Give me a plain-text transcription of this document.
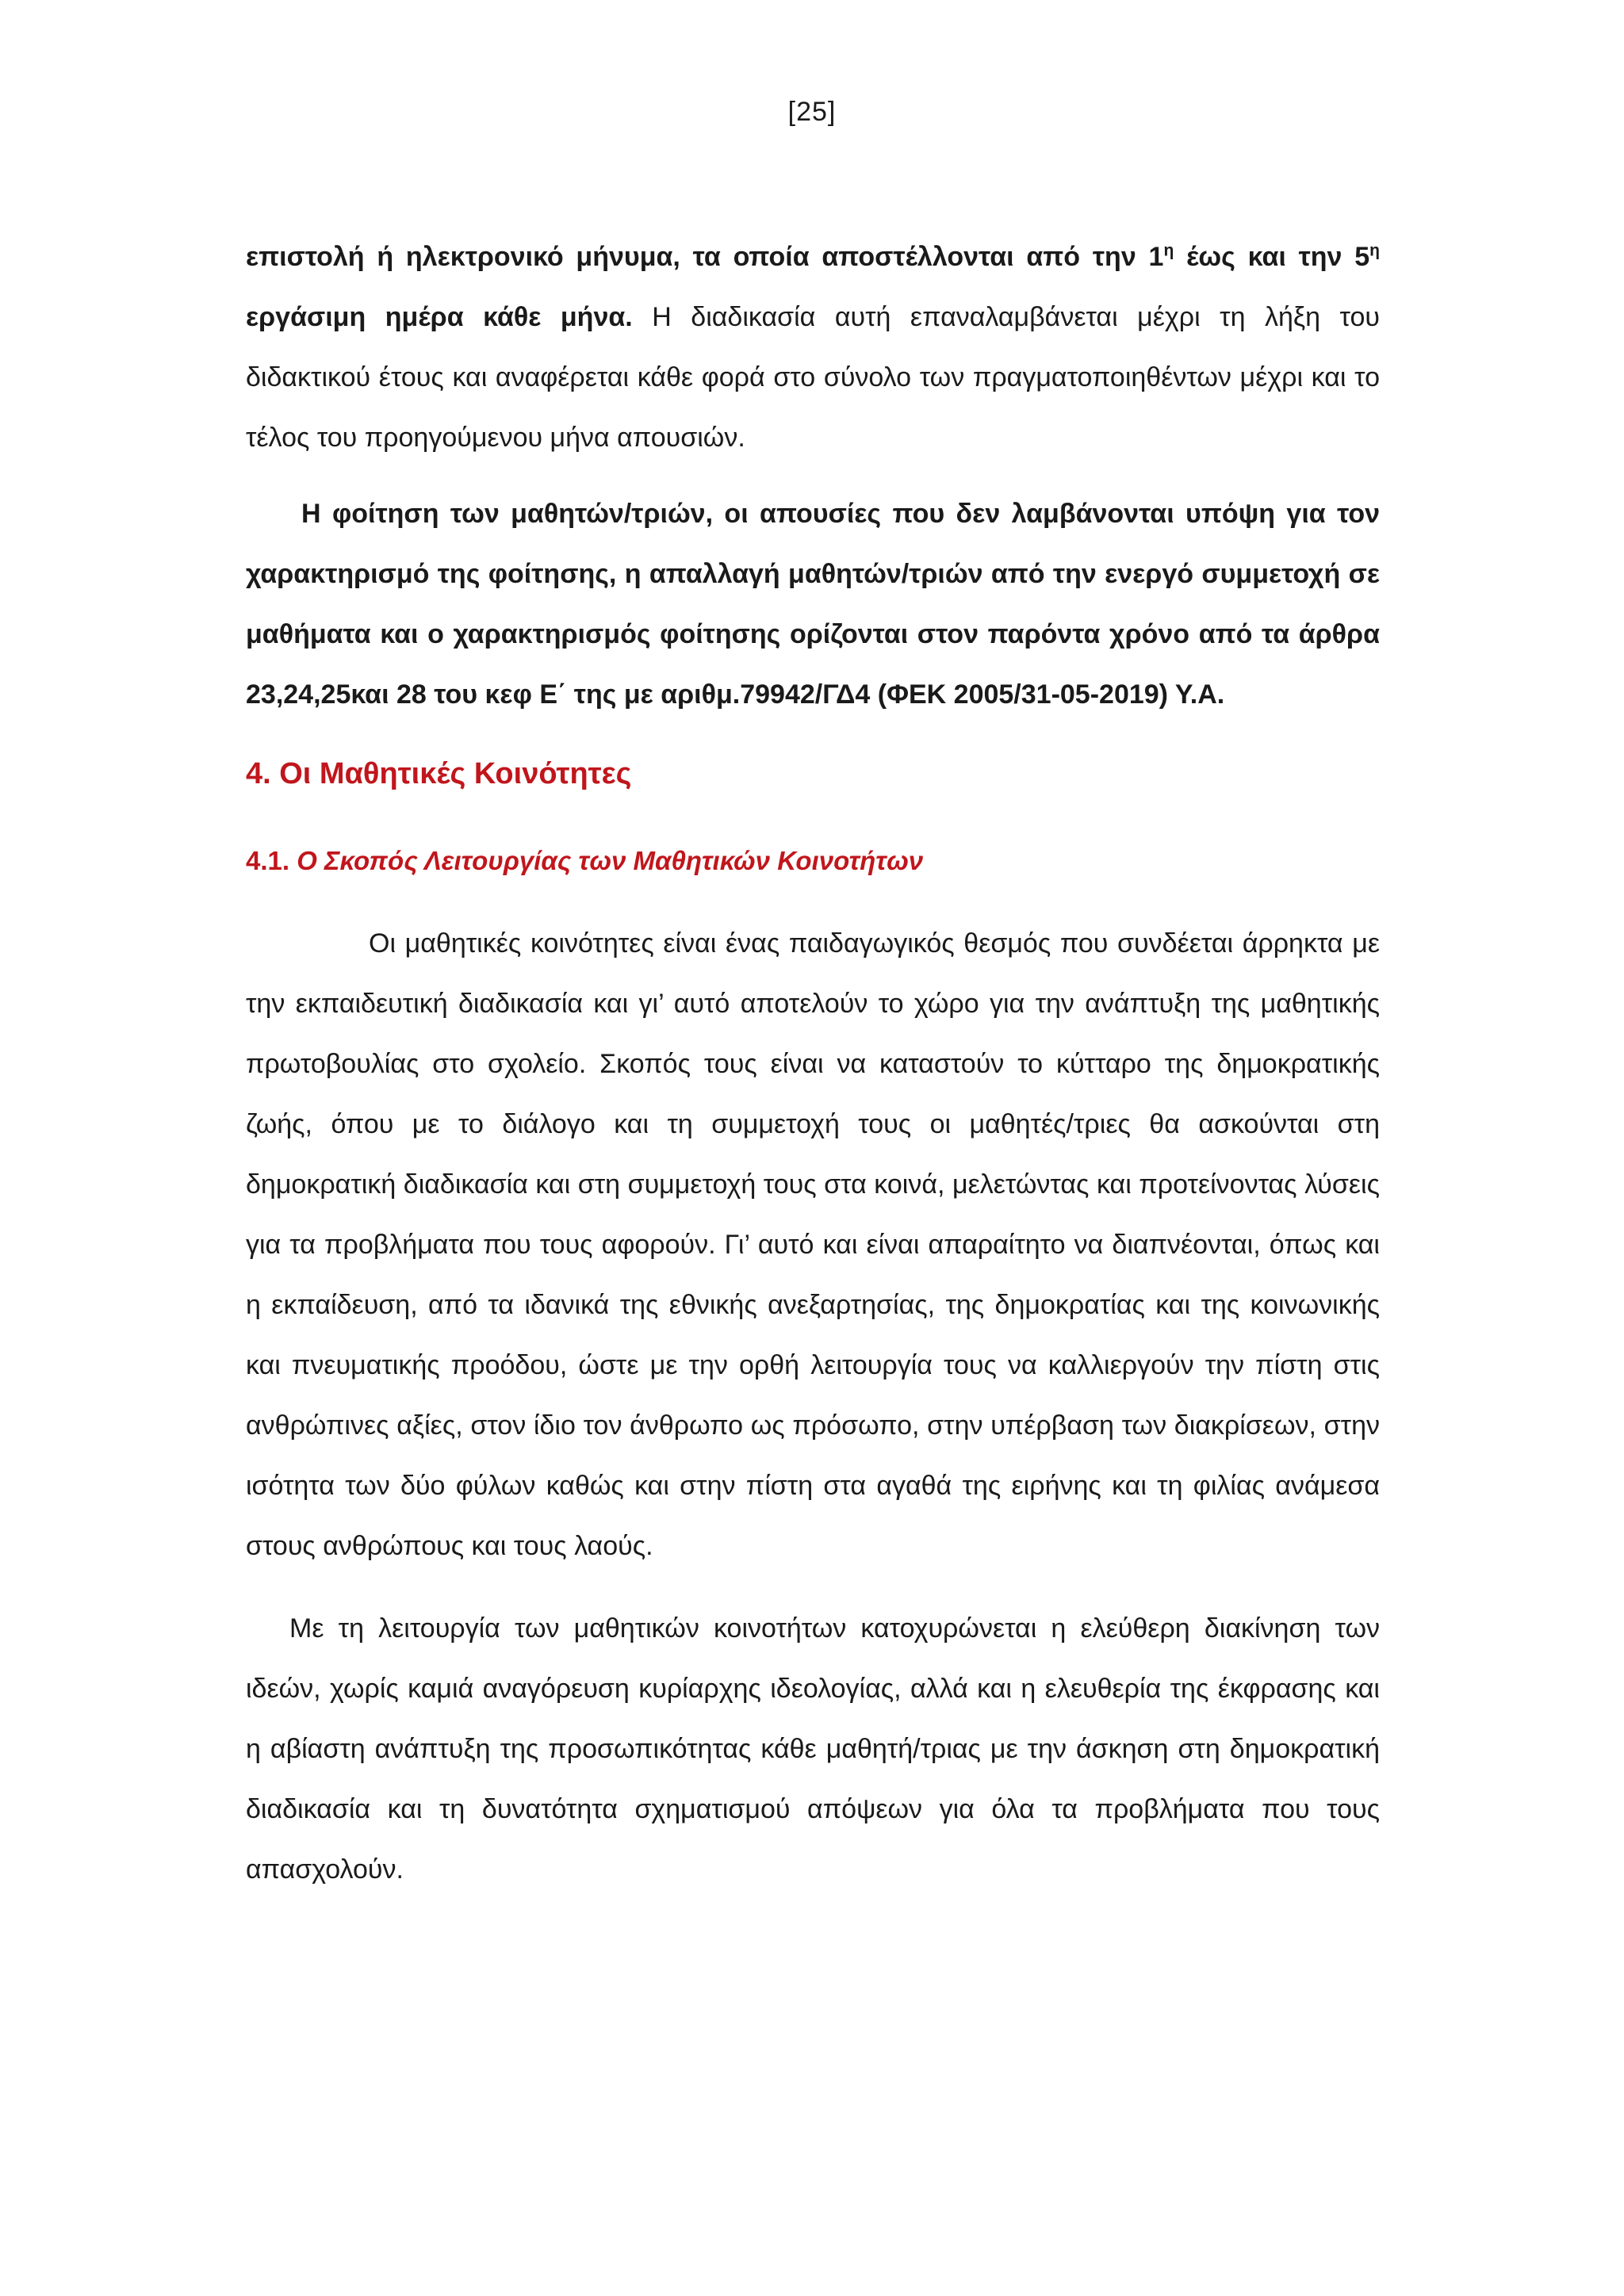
[25]

επιστολή ή ηλεκτρονικό μήνυμα, τα οποία αποστέλλονται από την $1^\eta$ έως και την $5^\eta$ εργάσιμη ημέρα κάθε μήνα. Η διαδικασία αυτή επαναλαμβάνεται μέχρι τη λήξη του διδακτικού έτους και αναφέρεται κάθε φορά στο σύνολο των πραγματοποιηθέντων μέχρι και το τέλος του προηγούμενου μήνα απουσιών.

Η φοίτηση των μαθητών/τριών, οι απουσίες που δεν λαμβάνονται υπόψη για τον χαρακτηρισμό της φοίτησης, η απαλλαγή μαθητών/τριών από την ενεργό συμμετοχή σε μαθήματα και ο χαρακτηρισμός φοίτησης ορίζονται στον παρόντα χρόνο από τα άρθρα 23,24,25και 28 του κεφ Ε΄ της με αριθμ.79942/ΓΔ4 (ΦΕΚ 2005/31-05-2019) Υ.Α.

4. Οι Μαθητικές Κοινότητες
4.1. Ο Σκοπός Λειτουργίας των Μαθητικών Κοινοτήτων

Οι μαθητικές κοινότητες είναι ένας παιδαγωγικός θεσμός που συνδέεται άρρηκτα με την εκπαιδευτική διαδικασία και γι’ αυτό αποτελούν το χώρο για την ανάπτυξη της μαθητικής πρωτοβουλίας στο σχολείο. Σκοπός τους είναι να καταστούν το κύτταρο της δημοκρατικής ζωής, όπου με το διάλογο και τη συμμετοχή τους οι μαθητές/τριες θα ασκούνται στη δημοκρατική διαδικασία και στη συμμετοχή τους στα κοινά, μελετώντας και προτείνοντας λύσεις για τα προβλήματα που τους αφορούν. Γι’ αυτό και είναι απαραίτητο να διαπνέονται, όπως και η εκπαίδευση, από τα ιδανικά της εθνικής ανεξαρτησίας, της δημοκρατίας και της κοινωνικής και πνευματικής προόδου, ώστε με την ορθή λειτουργία τους να καλλιεργούν την πίστη στις ανθρώπινες αξίες, στον ίδιο τον άνθρωπο ως πρόσωπο, στην υπέρβαση των διακρίσεων, στην ισότητα των δύο φύλων καθώς και στην πίστη στα αγαθά της ειρήνης και τη φιλίας ανάμεσα στους ανθρώπους και τους λαούς.

Με τη λειτουργία των μαθητικών κοινοτήτων κατοχυρώνεται η ελεύθερη διακίνηση των ιδεών, χωρίς καμιά αναγόρευση κυρίαρχης ιδεολογίας, αλλά και η ελευθερία της έκφρασης και η αβίαστη ανάπτυξη της προσωπικότητας κάθε μαθητή/τριας με την άσκηση στη δημοκρατική διαδικασία και τη δυνατότητα σχηματισμού απόψεων για όλα τα προβλήματα που τους απασχολούν.
